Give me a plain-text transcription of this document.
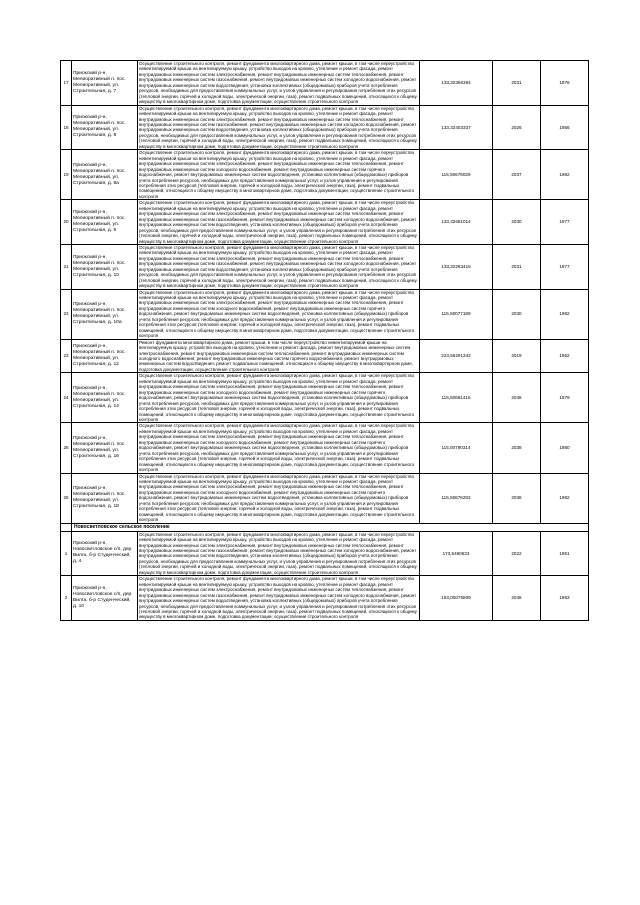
17	Приокский р-н, Мелиоративный п. пос. Мелиоративный, ул. Строительная, д. 7	Осуществление строительного контроля, ремонт фундамента многоквартирного дома, ремонт крыши, в том числе переустройство невентилируемой крыши на вентилируемую крышу, устройство выходов на кровлю, утепление и ремонт фасада, ремонт внутридомовых инженерных систем электроснабжения, ремонт внутридомовых инженерных систем теплоснабжения, ремонт внутридомовых инженерных систем газоснабжения, ремонт внутридомовых инженерных систем холодного водоснабжения, ремонт внутридомовых инженерных систем водоотведения, установка коллективных (общедомовых) приборов учета потребления ресурсов, необходимых для предоставления коммунальных услуг, и узлов управления и регулирования потребления этих ресурсов (тепловой энергии, горячей и холодной воды, электрической энергии, газа), ремонт подвальных помещений, относящихся к общему имуществу в многоквартирном доме, подготовка документации, осуществление строительного контроля	133,32356394	2031	1976
18	Приокский р-н, Мелиоративный п. пос. Мелиоративный, ул. Строительная, д. 8	Осуществление строительного контроля, ремонт фундамента многоквартирного дома, ремонт крыши, в том числе переустройство невентилируемой крыши на вентилируемую крышу, устройство выходов на кровлю, утепление и ремонт фасада, ремонт внутридомовых инженерных систем электроснабжения, ремонт внутридомовых инженерных систем теплоснабжения, ремонт внутридомовых инженерных систем газоснабжения, ремонт внутридомовых инженерных систем холодного водоснабжения, ремонт внутридомовых инженерных систем водоотведения, установка коллективных (общедомовых) приборов учета потребления ресурсов, необходимых для предоставления коммунальных услуг, и узлов управления и регулирования потребления этих ресурсов (тепловой энергии, горячей и холодной воды, электрической энергии, газа), ремонт подвальных помещений, относящихся к общему имуществу в многоквартирном доме, подготовка документации, осуществление строительного контроля	133,32403337	2026	1956
19	Приокский р-н, Мелиоративный п. пос. Мелиоративный, ул. Строительная, д. 8а	Осуществление строительного контроля, ремонт фундамента многоквартирного дома, ремонт крыши, в том числе переустройство невентилируемой крыши на вентилируемую крышу, устройство выходов на кровлю, утепление и ремонт фасада, ремонт внутридомовых инженерных систем электроснабжения, ремонт внутридомовых инженерных систем теплоснабжения, ремонт внутридомовых инженерных систем холодного водоснабжения, ремонт внутридомовых инженерных систем горячего водоснабжения, ремонт внутридомовых инженерных систем водоотведения, установка коллективных (общедомовых) приборов учета потребления ресурсов, необходимых для предоставления коммунальных услуг, и узлов управления и регулирования потребления этих ресурсов (тепловой энергии, горячей и холодной воды, электрической энергии, газа), ремонт подвальных помещений, относящихся к общему имуществу в многоквартирном доме, подготовка документации, осуществление строительного контроля	115,50676029	2037	1982
20	Приокский р-н, Мелиоративный п. пос. Мелиоративный, ул. Строительная, д. 9	Осуществление строительного контроля, ремонт фундамента многоквартирного дома, ремонт крыши, в том числе переустройство невентилируемой крыши на вентилируемую крышу, устройство выходов на кровлю, утепление и ремонт фасада, ремонт внутридомовых инженерных систем электроснабжения, ремонт внутридомовых инженерных систем теплоснабжения, ремонт внутридомовых инженерных систем газоснабжения, ремонт внутридомовых инженерных систем холодного водоснабжения, ремонт внутридомовых инженерных систем водоотведения, установка коллективных (общедомовых) приборов учета потребления ресурсов, необходимых для предоставления коммунальных услуг, и узлов управления и регулирования потребления этих ресурсов (тепловой энергии, горячей и холодной воды, электрической энергии, газа), ремонт подвальных помещений, относящихся к общему имуществу в многоквартирном доме, подготовка документации, осуществление строительного контроля	133,32681014	2030	1977
21	Приокский р-н, Мелиоративный п. пос. Мелиоративный, ул. Строительная, д. 10	Осуществление строительного контроля, ремонт фундамента многоквартирного дома, ремонт крыши, в том числе переустройство невентилируемой крыши на вентилируемую крышу, устройство выходов на кровлю, утепление и ремонт фасада, ремонт внутридомовых инженерных систем электроснабжения, ремонт внутридомовых инженерных систем теплоснабжения, ремонт внутридомовых инженерных систем газоснабжения, ремонт внутридомовых инженерных систем холодного водоснабжения, ремонт внутридомовых инженерных систем водоотведения, установка коллективных (общедомовых) приборов учета потребления ресурсов, необходимых для предоставления коммунальных услуг, и узлов управления и регулирования потребления этих ресурсов (тепловой энергии, горячей и холодной воды, электрической энергии, газа), ремонт подвальных помещений, относящихся к общему имуществу в многоквартирном доме, подготовка документации, осуществление строительного контроля	133,32283415	2031	1977
22	Приокский р-н, Мелиоративный п. пос. Мелиоративный, ул. Строительная, д. 10а	Осуществление строительного контроля, ремонт фундамента многоквартирного дома, ремонт крыши, в том числе переустройство невентилируемой крыши на вентилируемую крышу, устройство выходов на кровлю, утепление и ремонт фасада, ремонт внутридомовых инженерных систем электроснабжения, ремонт внутридомовых инженерных систем теплоснабжения, ремонт внутридомовых инженерных систем холодного водоснабжения, ремонт внутридомовых инженерных систем горячего водоснабжения, ремонт внутридомовых инженерных систем водоотведения, установка коллективных (общедомовых) приборов учета потребления ресурсов, необходимых для предоставления коммунальных услуг, и узлов управления и регулирования потребления этих ресурсов (тепловой энергии, горячей и холодной воды, электрической энергии, газа), ремонт подвальных помещений, относящихся к общему имуществу в многоквартирном доме, подготовка документации, осуществление строительного контроля	115,50077189	2030	1982
23	Приокский р-н, Мелиоративный п. пос. Мелиоративный, ул. Строительная, д. 12	Ремонт фундамента многоквартирного дома, ремонт крыши, в том числе переустройство невентилируемой крыши на вентилируемую крышу, устройство выходов на кровлю, утепление и ремонт фасада, ремонт внутридомовых инженерных систем электроснабжения, ремонт внутридомовых инженерных систем теплоснабжения, ремонт внутридомовых инженерных систем холодного водоснабжения, ремонт внутридомовых инженерных систем горячего водоснабжения, ремонт внутридомовых инженерных систем водоотведения, ремонт подвальных помещений, относящихся к общему имуществу в многоквартирном доме, подготовка документации, осуществление строительного контроля	223,56291342	2019	1962
24	Приокский р-н, Мелиоративный п. пос. Мелиоративный, ул. Строительная, д. 14	Осуществление строительного контроля, ремонт фундамента многоквартирного дома, ремонт крыши, в том числе переустройство невентилируемой крыши на вентилируемую крышу, устройство выходов на кровлю, утепление и ремонт фасада, ремонт внутридомовых инженерных систем электроснабжения, ремонт внутридомовых инженерных систем теплоснабжения, ремонт внутридомовых инженерных систем холодного водоснабжения, ремонт внутридомовых инженерных систем горячего водоснабжения, ремонт внутридомовых инженерных систем водоотведения, установка коллективных (общедомовых) приборов учета потребления ресурсов, необходимых для предоставления коммунальных услуг, и узлов управления и регулирования потребления этих ресурсов (тепловой энергии, горячей и холодной воды, электрической энергии, газа), ремонт подвальных помещений, относящихся к общему имуществу в многоквартирном доме, подготовка документации, осуществление строительного контроля	115,50681415	2036	1979
25	Приокский р-н, Мелиоративный п. пос. Мелиоративный, ул. Строительная, д. 16	Осуществление строительного контроля, ремонт фундамента многоквартирного дома, ремонт крыши, в том числе переустройство невентилируемой крыши на вентилируемую крышу, устройство выходов на кровлю, утепление и ремонт фасада, ремонт внутридомовых инженерных систем электроснабжения, ремонт внутридомовых инженерных систем теплоснабжения, ремонт внутридомовых инженерных систем холодного водоснабжения, ремонт внутридомовых инженерных систем горячего водоснабжения, ремонт внутридомовых инженерных систем водоотведения, установка коллективных (общедомовых) приборов учета потребления ресурсов, необходимых для предоставления коммунальных услуг, и узлов управления и регулирования потребления этих ресурсов (тепловой энергии, горячей и холодной воды, электрической энергии, газа), ремонт подвальных помещений, относящихся к общему имуществу в многоквартирном доме, подготовка документации, осуществление строительного контроля	115,50790314	2038	1980
26	Приокский р-н, Мелиоративный п. пос. Мелиоративный, ул. Строительная, д. 18	Осуществление строительного контроля, ремонт фундамента многоквартирного дома, ремонт крыши, в том числе переустройство невентилируемой крыши на вентилируемую крышу, устройство выходов на кровлю, утепление и ремонт фасада, ремонт внутридомовых инженерных систем электроснабжения, ремонт внутридомовых инженерных систем теплоснабжения, ремонт внутридомовых инженерных систем холодного водоснабжения, ремонт внутридомовых инженерных систем горячего водоснабжения, ремонт внутридомовых инженерных систем водоотведения, установка коллективных (общедомовых) приборов учета потребления ресурсов, необходимых для предоставления коммунальных услуг, и узлов управления и регулирования потребления этих ресурсов (тепловой энергии, горячей и холодной воды, электрической энергии, газа), ремонт подвальных помещений, относящихся к общему имуществу в многоквартирном доме, подготовка документации, осуществление строительного контроля	115,50676283	2036	1982
	Новосветловское сельское поселение				
1	Приокский р-н, Новосветловское с/п, дер. Вилга, б-р Студенческий, д. 4	Осуществление строительного контроля, ремонт фундамента многоквартирного дома, ремонт крыши, в том числе переустройство невентилируемой крыши на вентилируемую крышу, устройство выходов на кровлю, утепление и ремонт фасада, ремонт внутридомовых инженерных систем электроснабжения, ремонт внутридомовых инженерных систем теплоснабжения, ремонт внутридомовых инженерных систем газоснабжения, ремонт внутридомовых инженерных систем холодного водоснабжения, ремонт внутридомовых инженерных систем водоотведения, установка коллективных (общедомовых) приборов учета потребления ресурсов, необходимых для предоставления коммунальных услуг, и узлов управления и регулирования потребления этих ресурсов (тепловой энергии, горячей и холодной воды, электрической энергии, газа), ремонт подвальных помещений, относящихся к общему имуществу в многоквартирном доме, подготовка документации, осуществление строительного контроля	173,5490633	2022	1951
2	Приокский р-н, Новосветловское с/п, дер. Вилга, б-р Студенческий, д. 10	Осуществление строительного контроля, ремонт фундамента многоквартирного дома, ремонт крыши, в том числе переустройство невентилируемой крыши на вентилируемую крышу, устройство выходов на кровлю, утепление и ремонт фасада, ремонт внутридомовых инженерных систем электроснабжения, ремонт внутридомовых инженерных систем теплоснабжения, ремонт внутридомовых инженерных систем газоснабжения, ремонт внутридомовых инженерных систем холодного водоснабжения, ремонт внутридомовых инженерных систем водоотведения, установка коллективных (общедомовых) приборов учета потребления ресурсов, необходимых для предоставления коммунальных услуг, и узлов управления и регулирования потребления этих ресурсов (тепловой энергии, горячей и холодной воды, электрической энергии, газа), ремонт подвальных помещений, относящихся к общему имуществу в многоквартирном доме, подготовка документации, осуществление строительного контроля	163,00076809	2036	1983
